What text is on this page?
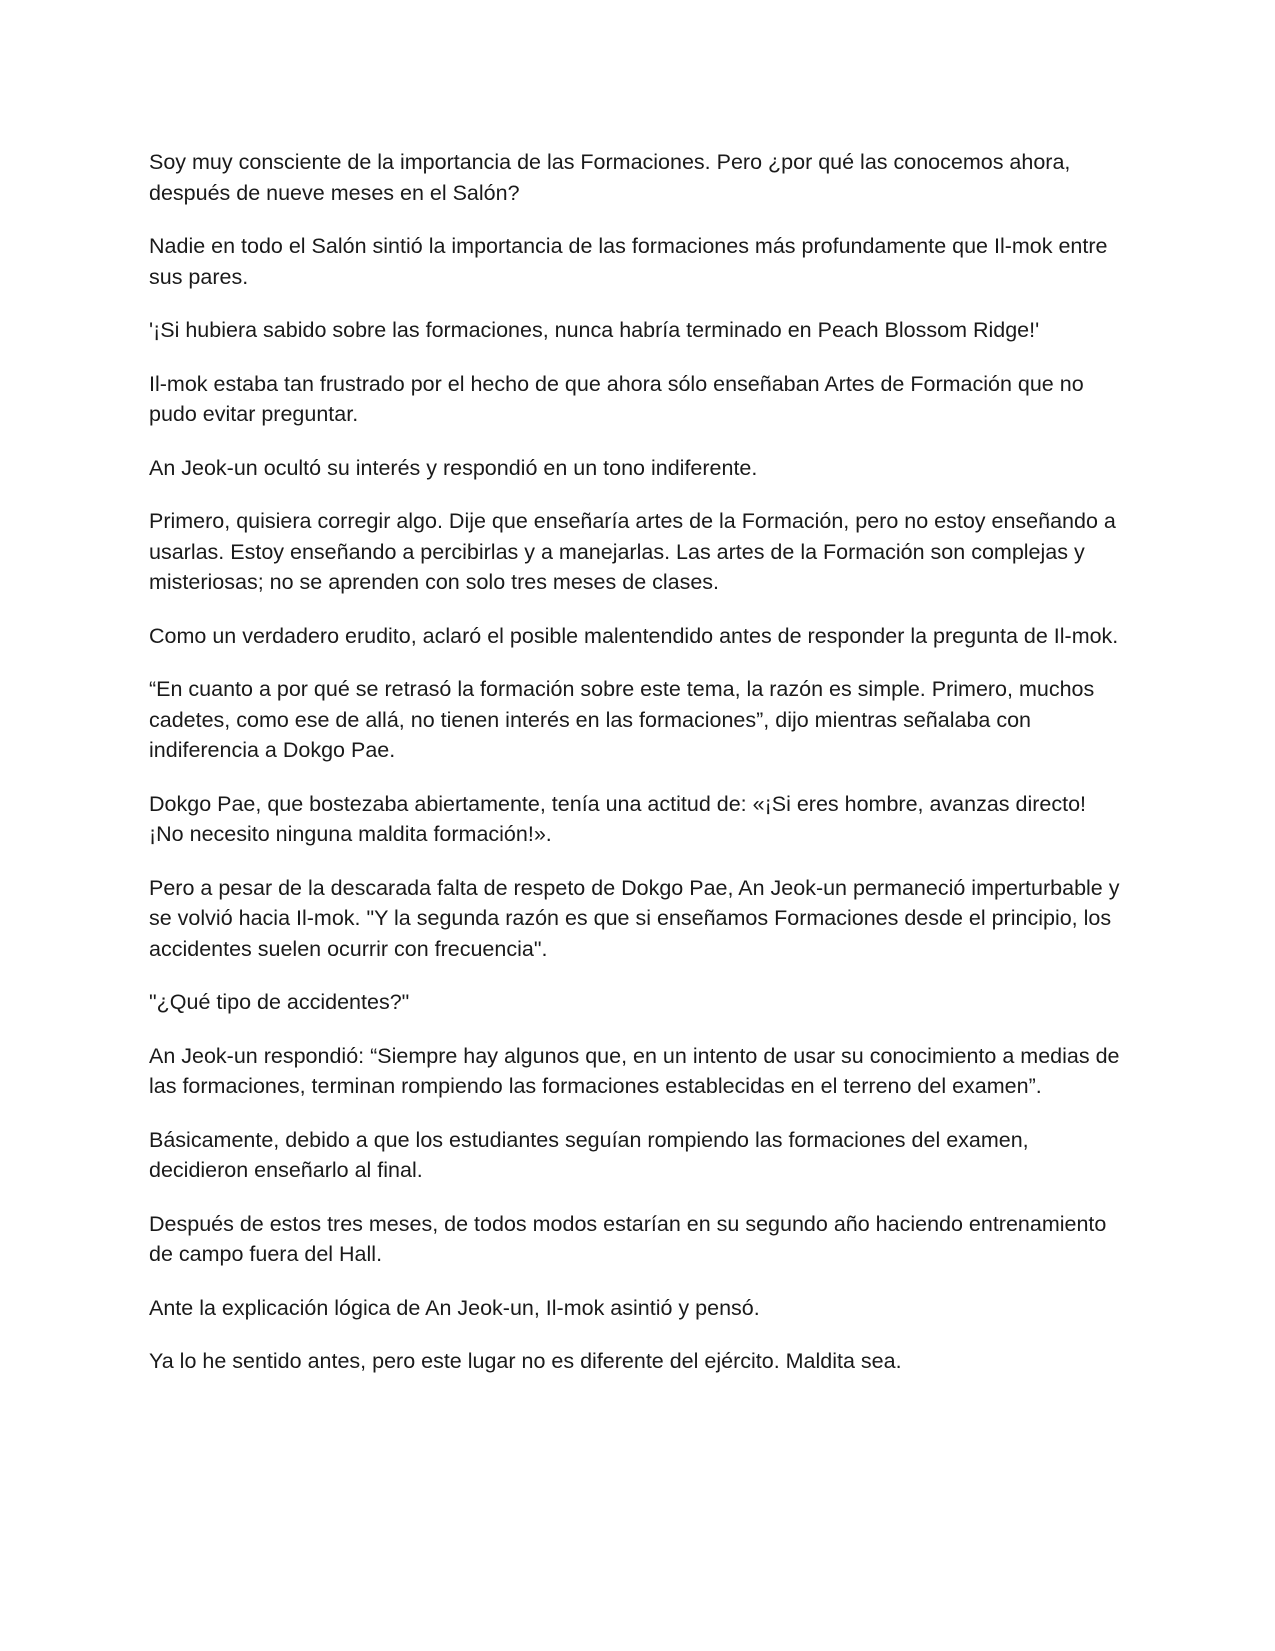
Soy muy consciente de la importancia de las Formaciones. Pero ¿por qué las conocemos ahora, después de nueve meses en el Salón?

Nadie en todo el Salón sintió la importancia de las formaciones más profundamente que Il-mok entre sus pares.

'¡Si hubiera sabido sobre las formaciones, nunca habría terminado en Peach Blossom Ridge!'

Il-mok estaba tan frustrado por el hecho de que ahora sólo enseñaban Artes de Formación que no pudo evitar preguntar.

An Jeok-un ocultó su interés y respondió en un tono indiferente.

Primero, quisiera corregir algo. Dije que enseñaría artes de la Formación, pero no estoy enseñando a usarlas. Estoy enseñando a percibirlas y a manejarlas. Las artes de la Formación son complejas y misteriosas; no se aprenden con solo tres meses de clases.

Como un verdadero erudito, aclaró el posible malentendido antes de responder la pregunta de Il-mok.

“En cuanto a por qué se retrasó la formación sobre este tema, la razón es simple. Primero, muchos cadetes, como ese de allá, no tienen interés en las formaciones”, dijo mientras señalaba con indiferencia a Dokgo Pae.

Dokgo Pae, que bostezaba abiertamente, tenía una actitud de: «¡Si eres hombre, avanzas directo! ¡No necesito ninguna maldita formación!».

Pero a pesar de la descarada falta de respeto de Dokgo Pae, An Jeok-un permaneció imperturbable y se volvió hacia Il-mok. "Y la segunda razón es que si enseñamos Formaciones desde el principio, los accidentes suelen ocurrir con frecuencia".

"¿Qué tipo de accidentes?"

An Jeok-un respondió: “Siempre hay algunos que, en un intento de usar su conocimiento a medias de las formaciones, terminan rompiendo las formaciones establecidas en el terreno del examen”.

Básicamente, debido a que los estudiantes seguían rompiendo las formaciones del examen, decidieron enseñarlo al final.

Después de estos tres meses, de todos modos estarían en su segundo año haciendo entrenamiento de campo fuera del Hall.

Ante la explicación lógica de An Jeok-un, Il-mok asintió y pensó.

Ya lo he sentido antes, pero este lugar no es diferente del ejército. Maldita sea.
